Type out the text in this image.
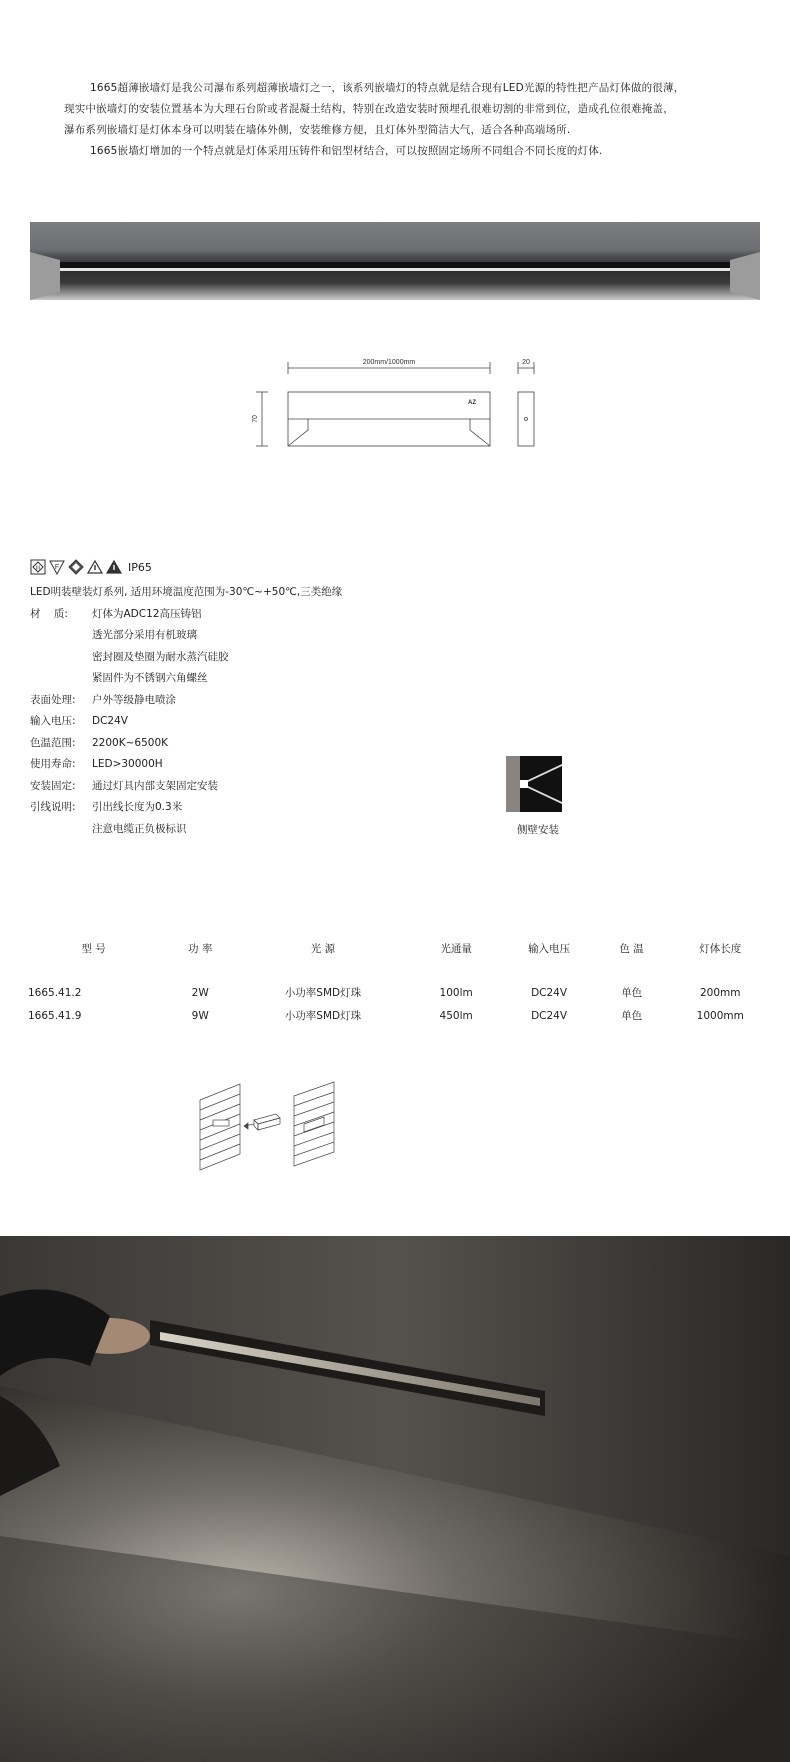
1665超薄嵌墙灯是我公司瀑布系列超薄嵌墙灯之一，该系列嵌墙灯的特点就是结合现有LED光源的特性把产品灯体做的很薄，

现实中嵌墙灯的安装位置基本为大理石台阶或者混凝土结构，特别在改造安装时预埋孔很难切割的非常到位，造成孔位很难掩盖，

瀑布系列嵌墙灯是灯体本身可以明装在墙体外侧，安装维修方便，且灯体外型简洁大气，适合各种高端场所.

1665嵌墙灯增加的一个特点就是灯体采用压铸件和铝型材结合，可以按照固定场所不同组合不同长度的灯体.

200mm/1000mm	20
70
AZ
III F	IP65
LED明装壁装灯系列, 适用环境温度范围为-30℃~+50℃,三类绝缘
材    质:	灯体为ADC12高压铸铝
透光部分采用有机玻璃
密封圈及垫圈为耐水蒸汽硅胶
紧固件为不锈钢六角螺丝
表面处理:	户外等级静电喷涂
输入电压:	DC24V
色温范围:	2200K~6500K
使用寿命:	LED>30000H
安装固定:	通过灯具内部支架固定安装
引线说明:	引出线长度为0.3米
注意电缆正负极标识	侧壁安装
型 号	功 率	光 源	光通量	输入电压	色 温	灯体长度

1665.41.2	2W	小功率SMD灯珠	100lm	DC24V	单色	200mm
1665.41.9	9W	小功率SMD灯珠	450lm	DC24V	单色	1000mm
